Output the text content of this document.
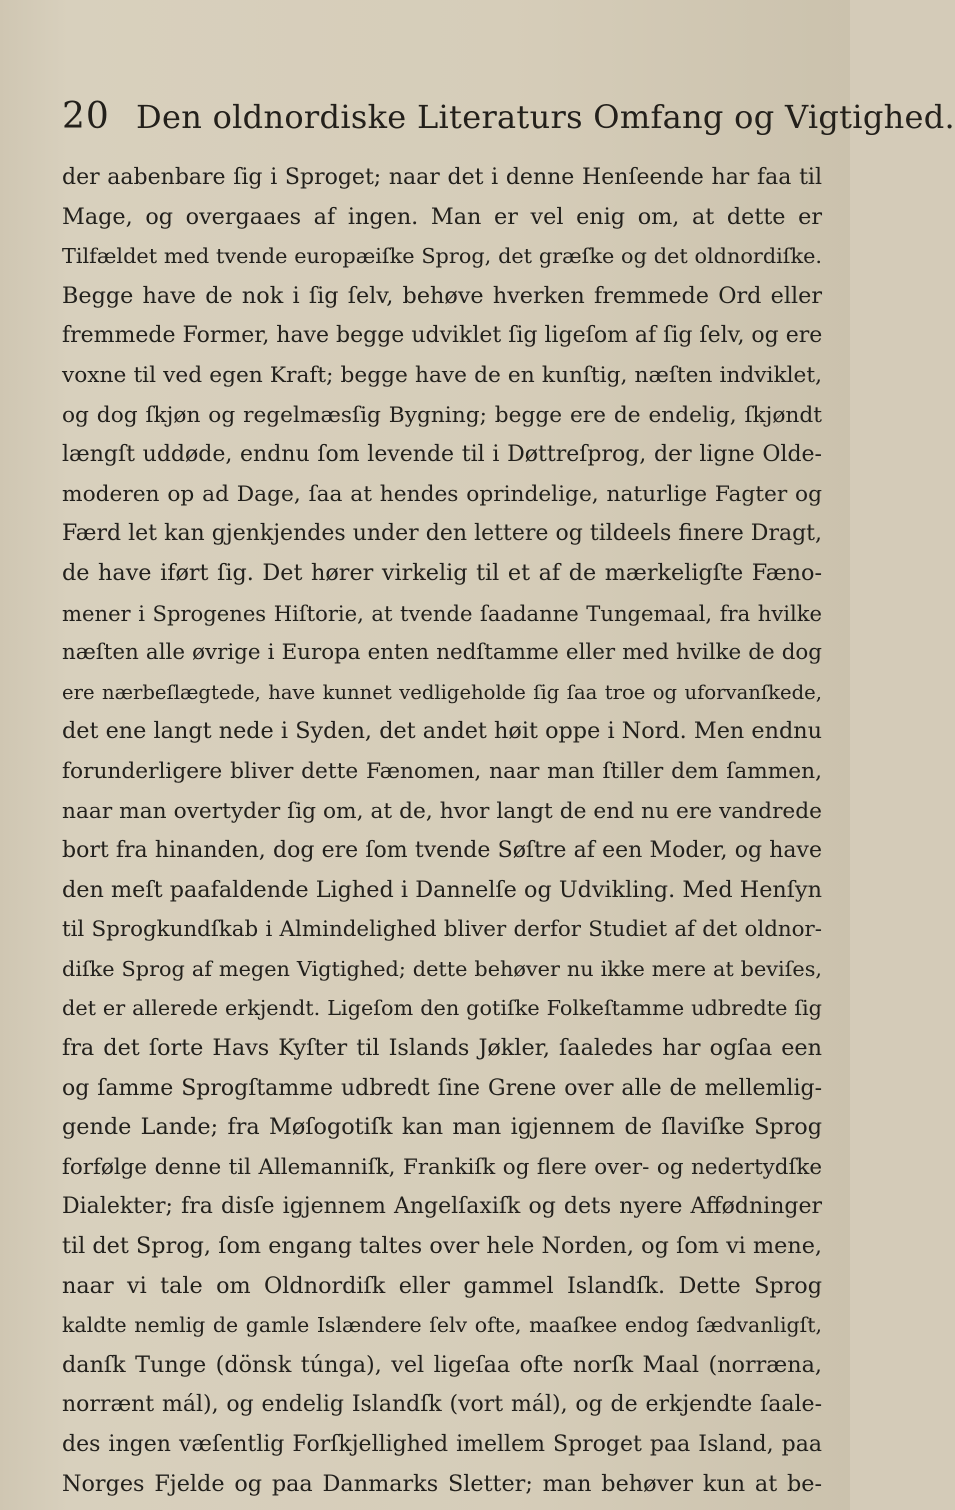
20 Den oldnordiske Literaturs Omfang og Vigtighed.
der aabenbare ſig i Sproget; naar det i denne Henſeende har faa til
Mage, og overgaaes af ingen. Man er vel enig om, at dette er
Tilfældet med tvende europæiſke Sprog, det græſke og det oldnordiſke.
Begge have de nok i ſig ſelv, behøve hverken fremmede Ord eller
fremmede Former, have begge udviklet ſig ligeſom af ſig ſelv, og ere
voxne til ved egen Kraft; begge have de en kunſtig, næſten indviklet,
og dog ſkjøn og regelmæsſig Bygning; begge ere de endelig, ſkjøndt
længſt uddøde, endnu ſom levende til i Døttreſprog, der ligne Olde-
moderen op ad Dage, ſaa at hendes oprindelige, naturlige Fagter og
Færd let kan gjenkjendes under den lettere og tildeels finere Dragt,
de have iført ſig. Det hører virkelig til et af de mærkeligſte Fæno-
mener i Sprogenes Hiſtorie, at tvende ſaadanne Tungemaal, fra hvilke
næſten alle øvrige i Europa enten nedſtamme eller med hvilke de dog
ere nærbeſlægtede, have kunnet vedligeholde ſig ſaa troe og uforvanſkede,
det ene langt nede i Syden, det andet høit oppe i Nord. Men endnu
forunderligere bliver dette Fænomen, naar man ſtiller dem ſammen,
naar man overtyder ſig om, at de, hvor langt de end nu ere vandrede
bort fra hinanden, dog ere ſom tvende Søſtre af een Moder, og have
den meſt paafaldende Lighed i Dannelſe og Udvikling. Med Henſyn
til Sprogkundſkab i Almindelighed bliver derfor Studiet af det oldnor-
diſke Sprog af megen Vigtighed; dette behøver nu ikke mere at beviſes,
det er allerede erkjendt. Ligeſom den gotiſke Folkeſtamme udbredte ſig
fra det ſorte Havs Kyſter til Islands Jøkler, ſaaledes har ogſaa een
og ſamme Sprogſtamme udbredt ſine Grene over alle de mellemlig-
gende Lande; fra Møſogotiſk kan man igjennem de ſlaviſke Sprog
forfølge denne til Allemanniſk, Frankiſk og flere over- og nedertydſke
Dialekter; fra disſe igjennem Angelſaxiſk og dets nyere Affødninger
til det Sprog, ſom engang taltes over hele Norden, og ſom vi mene,
naar vi tale om Oldnordiſk eller gammel Islandſk. Dette Sprog
kaldte nemlig de gamle Islændere ſelv ofte, maaſkee endog ſædvanligſt,
danſk Tunge (dönsk túnga), vel ligeſaa ofte norſk Maal (norræna,
norrænt mál), og endelig Islandſk (vort mál), og de erkjendte ſaale-
des ingen væſentlig Forſkjellighed imellem Sproget paa Island, paa
Norges Fjelde og paa Danmarks Sletter; man behøver kun at be-
